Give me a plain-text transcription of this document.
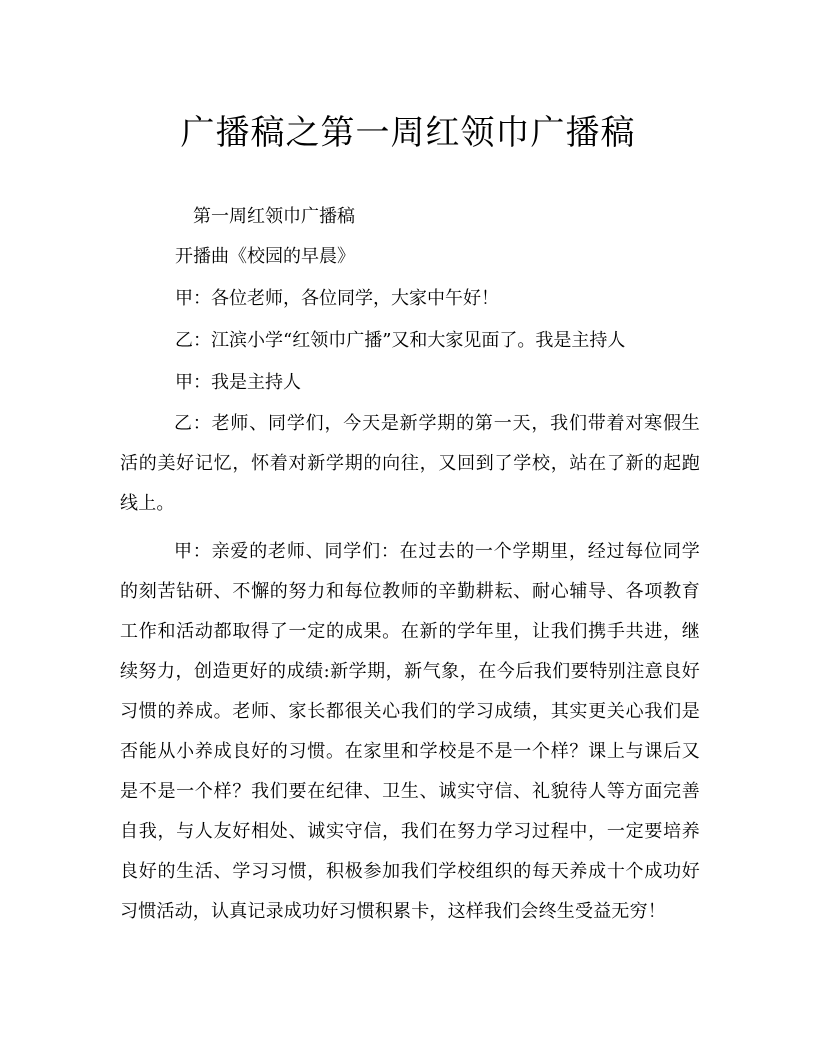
广播稿之第一周红领巾广播稿

第一周红领巾广播稿

开播曲《校园的早晨》

甲：各位老师，各位同学，大家中午好！

乙：江滨小学“红领巾广播”又和大家见面了。我是主持人

甲：我是主持人

乙：老师、同学们，今天是新学期的第一天，我们带着对寒假生活的美好记忆，怀着对新学期的向往，又回到了学校，站在了新的起跑线上。

甲：亲爱的老师、同学们：在过去的一个学期里，经过每位同学的刻苦钻研、不懈的努力和每位教师的辛勤耕耘、耐心辅导、各项教育工作和活动都取得了一定的成果。在新的学年里，让我们携手共进，继续努力，创造更好的成绩:新学期，新气象，在今后我们要特别注意良好习惯的养成。老师、家长都很关心我们的学习成绩，其实更关心我们是否能从小养成良好的习惯。在家里和学校是不是一个样？课上与课后又是不是一个样？我们要在纪律、卫生、诚实守信、礼貌待人等方面完善自我，与人友好相处、诚实守信，我们在努力学习过程中，一定要培养良好的生活、学习习惯，积极参加我们学校组织的每天养成十个成功好习惯活动，认真记录成功好习惯积累卡，这样我们会终生受益无穷！
